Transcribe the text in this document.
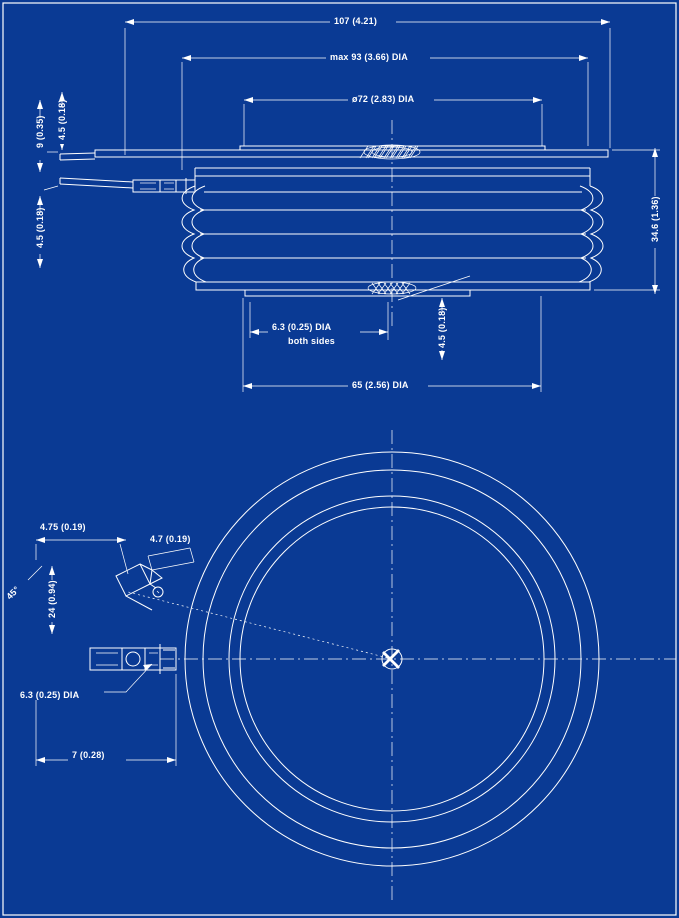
107 (4.21)
max 93 (3.66) DIA
ø72 (2.83) DIA
9 (0.35) 4.5 (0.18)
4.5 (0.18)	34.6 (1.36)
6.3 (0.25) DIA
both sides	4.5 (0.18)
65 (2.56) DIA
4.75 (0.19)
4.7 (0.19)
24 (0.94)
45°
6.3 (0.25) DIA
7 (0.28)
